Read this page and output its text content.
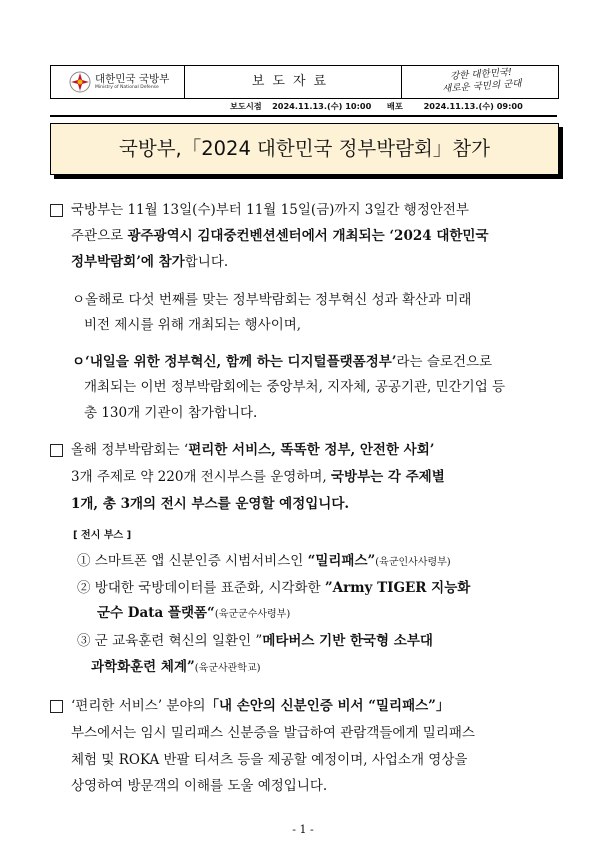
대한민국 국방부
Ministry of National Defense	보도자료	강한 대한민국!
새로운 국민의 군대
보도시점 2024.11.13.(수) 10:00 배포	2024.11.13.(수) 09:00
국방부,「2024 대한민국 정부박람회」참가
국방부는 11월 13일(수)부터 11월 15일(금)까지 3일간 행정안전부
주관으로 광주광역시 김대중컨벤션센터에서 개최되는 ‘2024 대한민국
정부박람회’에 참가합니다.
ㅇ올해로 다섯 번째를 맞는 정부박람회는 정부혁신 성과 확산과 미래
비전 제시를 위해 개최되는 행사이며,
ㅇ‘내일을 위한 정부혁신, 함께 하는 디지털플랫폼정부’라는 슬로건으로
개최되는 이번 정부박람회에는 중앙부처, 지자체, 공공기관, 민간기업 등
총 130개 기관이 참가합니다.
올해 정부박람회는 ‘편리한 서비스, 똑똑한 정부, 안전한 사회’
3개 주제로 약 220개 전시부스를 운영하며, 국방부는 각 주제별
1개, 총 3개의 전시 부스를 운영할 예정입니다.
[ 전시 부스 ]
① 스마트폰 앱 신분인증 시범서비스인 “밀리패스”(육군인사사령부)
② 방대한 국방데이터를 표준화, 시각화한 ”Army TIGER 지능화
군수 Data 플랫폼“(육군군수사령부)
③ 군 교육훈련 혁신의 일환인 ”메타버스 기반 한국형 소부대
과학화훈련 체계”(육군사관학교)
‘편리한 서비스’ 분야의「내 손안의 신분인증 비서 “밀리패스”」
부스에서는 임시 밀리패스 신분증을 발급하여 관람객들에게 밀리패스
체험 및 ROKA 반팔 티셔츠 등을 제공할 예정이며, 사업소개 영상을
상영하여 방문객의 이해를 도울 예정입니다.
- 1 -
